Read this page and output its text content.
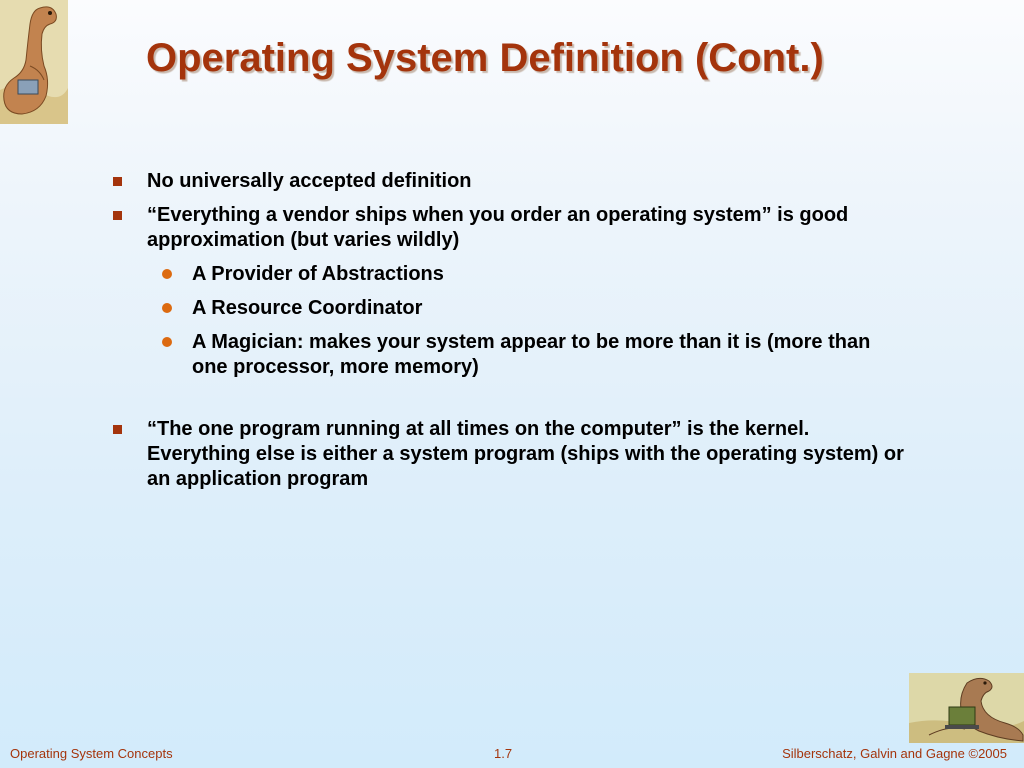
Operating System Definition (Cont.)
No universally accepted definition
“Everything a vendor ships when you order an operating system” is good approximation (but varies wildly)
A Provider of Abstractions
A Resource Coordinator
A Magician: makes your system appear to be more than it is (more than one processor, more memory)
“The one program running at all times on the computer” is the kernel. Everything else is either a system program (ships with the operating system) or an application program
Operating System Concepts	1.7	Silberschatz, Galvin and Gagne ©2005
